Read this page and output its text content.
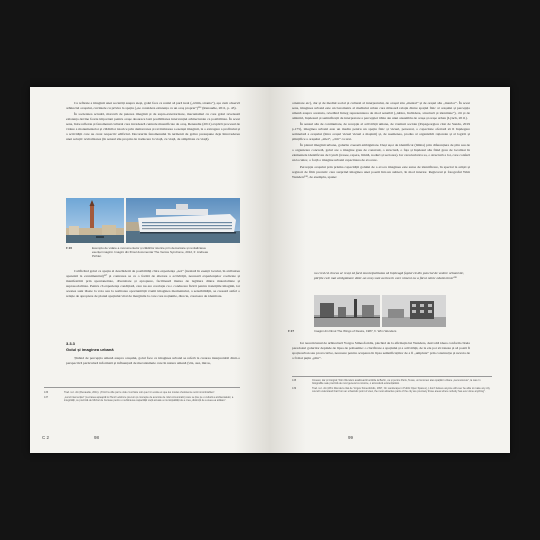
Ca reflexie a imaginii unei societăți asupra sieși, golul face ca realul să pară ireal („trăim, strania”), așa cum observă arhitectul orașului, cuvintele cu privire la spațiu („ne considera existența ca un oraș proprie”)¹³⁶ (Renaudie, 2011, p. 43).

În societatea actuală, marcată de puterea imaginii și de supra-exteriorizare, mecanismul cu care golul revelează existența devine foarte important pentru orașe deoarece lasă posibilitatea intervenției arhitecturale ca posibilitate. În acest sens, între reflexie și fenomenul cultural care invadează centrele muzeificate de oraș, Renaudie (2011) explică procesul de vidare a monumentelor și clădirilor istorice prin demarcarea și revitalizarea a esenței imaginii, la o extragere a profitului și a activității care au creat respectiv edificiul. Decorurile fenomenului în termenii de golire presupune deja întrevederea unei soluții: revitalizarea (în sensul său propriu de traducere la viață, cu viață, de simplitate cu viață).

F 26	Exemplu de vidare a monumentelor și clădirilor istorice prin demarcare și revitalizarea esenței imaginii. Imagini din filmul documentar The Venice Syndrome, 2012, fr. Andreas Pichler.

Calificând golul ca spațiu al deschiderii de posibilități către experiența „noi” (irezistă în esență locului, în atribuirea aparentă la evenimenttul)¹³⁷ și contrarea sa ca o formă de alterare a activității, necesară experiențelor coolizate și manifestării prin spontaneitate, diversitate și apropiere, facilitează mutua de legătura dintre materialitate și suprasocialitate. Pentru că experiența condițiată, care nu are corelație cu o conducere fizică pentru tranzițiile imaginii, iar acestea sunt lăsate la voia sau la realitatea oportunității vremi imaginea momentului, a sensibilității, se creează astfel o relație de apropiere de planul spațiului vital de marginile la care care noțiunile, directe, creatoare de identitate.

3.3.3
Golul și imaginea urbană

Ținând de percepția umană asupra orașului, golul face ca imaginea urbană se referă la crearea interpretabil dintr-o perspectivă particulară informată și influențată de mecanismele care în natura umană (văz, auz, miros,

136	Trad. rez. din (Renaudie, 2011). „Prinzi la ville par le vide c’est faire voir que l’on existe et que les modes d’existence sont innombrables”.
137	„Locul intervenției” (Lucrarea așteaptă lui Henri Lefebvre precum și concepte de anumite de rolul comunicativ) care se ține pe o cultură a ambientalelor, a integrității, ce prezintă de Michel de Certeau pentru o sublinierea capacității vieții actuale a municipalității de a crea „distincții de a avea ea arătare”.
C 2	98

orientare etc), dar și de mediul social și cultural al interpretului, de orașul său „mental” și de orașul său „interior”. În acest sens, imaginea urbană este un barometru al mediului urban care măsoară relația dintre spațiul fizic al orașului și percepția umană asupra acestuia, revelând întreg reprezentarea de mod sensibil („iubire, închidere, structură și identitate”), cât și de amintiri, înțelesuri și semnificații de interpretare a percepției trăite ale unui ansamblu de orașe și orașe urban (Lynch, 2011).

În sensul său de continuitate, de recepție al activității umane, de vremuri sociale (Papageorgiou citat de Sandu, 2019 p.175), imaginea urbană este un mediu pentru un spațiu fizic și vizual, personal, o capacitate ofertată să îi înțelegere semnalată a orașului (între orașul vizual vizual a mașinii) și, de asemenea, produs al organizării raționale și al logicii și științifice a orașului „zilei”, „citit” ca text.

În planul imaginii urbane, golurile creează ambiguitate. Deși ușor de identificat (limita) prin diferențiere de plin sau de o organizare concretă, golul are o imagine greu de construit, o structură, o fața și înțelesul său fiind greu de localizat în elementele identificate de Lynch (trasee, repere, limită, noduri și sectoare). Iar caracteristica sa, o structură a lor, care conferă un locuitor, o forță o imagine urbană capacitatea de evocare.

Percepția orașului prin prisma capacității golului de a evoca imaginea este sursa de identificare, în special la artiști și regizori de film precum: care surprind imaginea unei poezii într-un subiect, în mod interior. Regizorul și fotograful Wim Wenders¹³⁸, de exemplu, spune:

nu cred că cineva ar reuși să facă municipalitatea să înțeleagă faptul că din punctul de vedere urbanistic, părțile cele mai atrăgătoare dintr-un oraș sunt acelea în care nimeni nu a făcut nimic odată nimic¹³⁹
F 27	Imagini din filmul The Wings of Desire, 1987, fr. Wim Wenders

Iar teoreticianul de arhitectură Yorgos Simeoforidis, plecând de la afirmația lui Wenders, dezvoltă ideea conform căreia paradoxul golurilor depinde de lipsa de polisemie: o clarificare a spațiului și a activității, de la ele pot să trateze și să poată fi spațiu urban sau provocative, necesare pentru ocuparea în lipsa semnificațiilor de a fi „umplute” prin construcție și nevoia de a fi mai puțin „plin”.

138	Cineast, dar și fotograf, Wim Wenders analizează lucrările la Berlin, ca și pentru Paris, Texas, un fenomen ales spațiilor urbane „necunoscute”, la care în fotografiile sale prezintă de mod general cu istorice, o atmosferă existențialistă.
139	Trad. rez. din (Wim Wenders citat de Yorgos Simeoforidis, 1997, On Landscape in Public Open Spaces) „I don't believe anyone will ever be able to make any city council understand that from an urbanistic point of view, the most attractive parts of the city are precisely those areas where nobody has ever done anything”.
99
